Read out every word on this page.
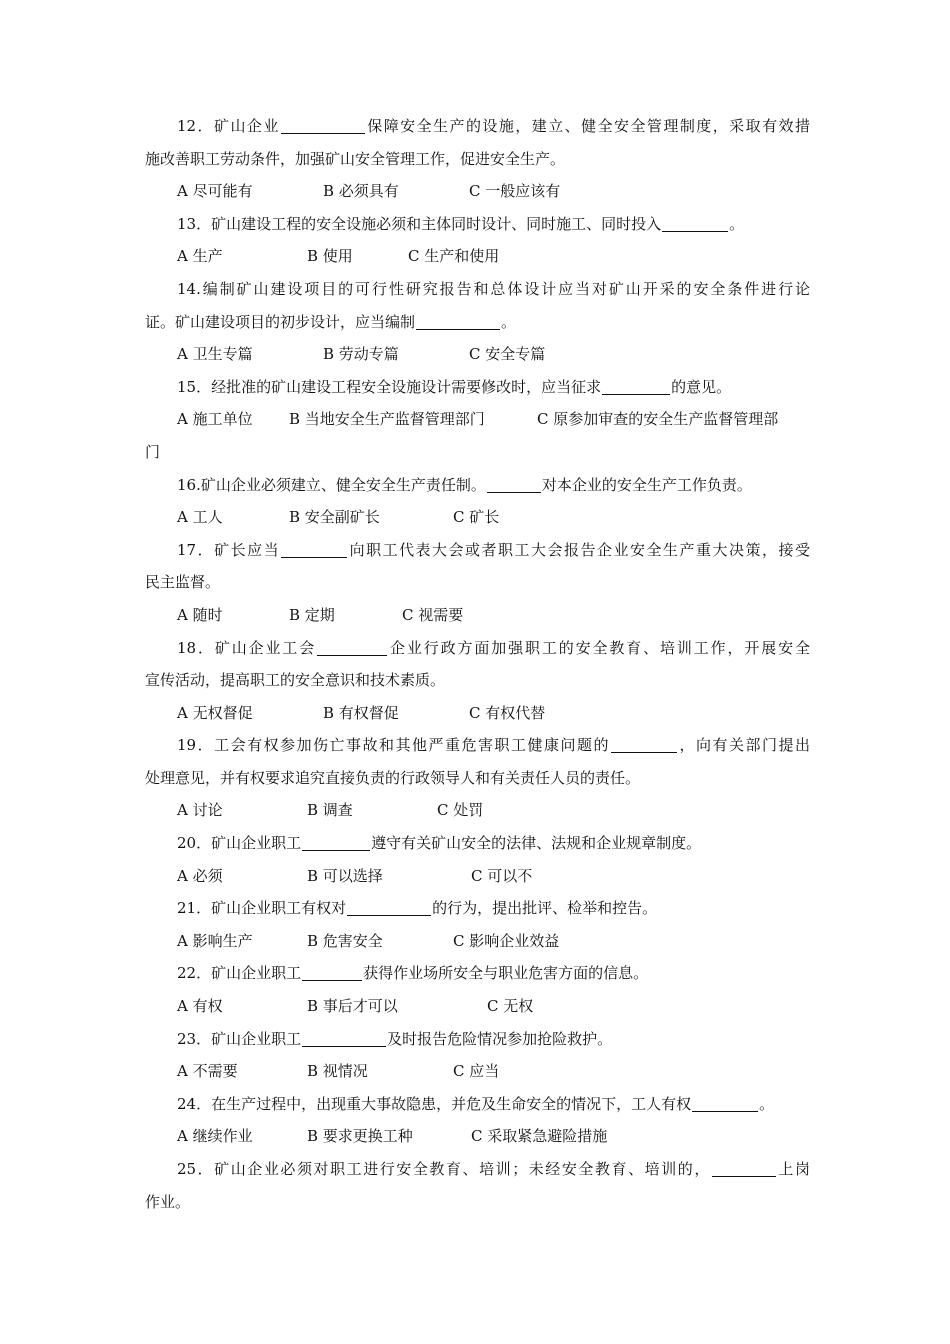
12．矿山企业	保障安全生产的设施，建立、健全安全管理制度，采取有效措
施改善职工劳动条件，加强矿山安全管理工作，促进安全生产。
A 尽可能有	B 必须具有	C 一般应该有
13．矿山建设工程的安全设施必须和主体同时设计、同时施工、同时投入	。
A 生产	B 使用	C 生产和使用
14.编制矿山建设项目的可行性研究报告和总体设计应当对矿山开采的安全条件进行论
证。矿山建设项目的初步设计，应当编制	。
A 卫生专篇	B 劳动专篇	C 安全专篇
15．经批准的矿山建设工程安全设施设计需要修改时，应当征求	的意见。
A 施工单位 B 当地安全生产监督管理部门	C 原参加审查的安全生产监督管理部
门
16.矿山企业必须建立、健全安全生产责任制。	对本企业的安全生产工作负责。
A 工人	B 安全副矿长	C 矿长
17．矿长应当	向职工代表大会或者职工大会报告企业安全生产重大决策，接受
民主监督。
A 随时	B 定期	C 视需要
18．矿山企业工会	企业行政方面加强职工的安全教育、培训工作，开展安全
宣传活动，提高职工的安全意识和技术素质。
A 无权督促	B 有权督促	C 有权代替
19．工会有权参加伤亡事故和其他严重危害职工健康问题的	，向有关部门提出
处理意见，并有权要求追究直接负责的行政领导人和有关责任人员的责任。
A 讨论	B 调查	C 处罚
20．矿山企业职工	遵守有关矿山安全的法律、法规和企业规章制度。
A 必须	B 可以选择	C 可以不
21．矿山企业职工有权对	的行为，提出批评、检举和控告。
A 影响生产	B 危害安全	C 影响企业效益
22．矿山企业职工	获得作业场所安全与职业危害方面的信息。
A 有权	B 事后才可以	C 无权
23．矿山企业职工	及时报告危险情况参加抢险救护。
A 不需要	B 视情况	C 应当
24．在生产过程中，出现重大事故隐患，并危及生命安全的情况下，工人有权	。
A 继续作业	B 要求更换工种	C 采取紧急避险措施
25．矿山企业必须对职工进行安全教育、培训；未经安全教育、培训的，	上岗
作业。
